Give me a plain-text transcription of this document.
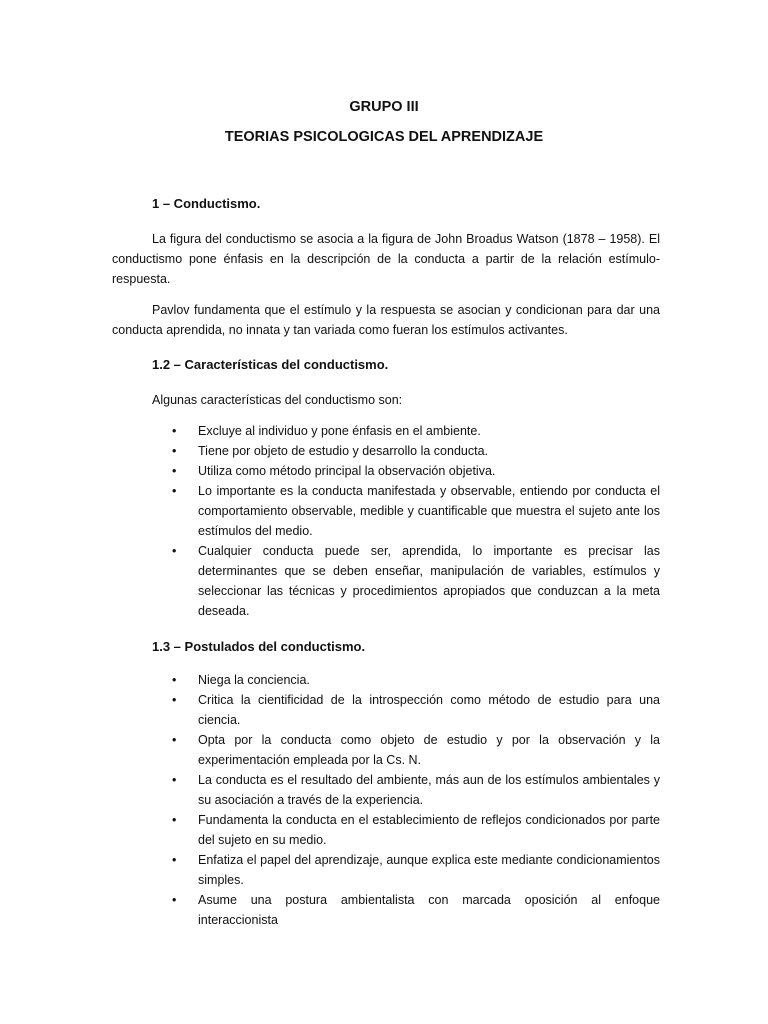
GRUPO III

TEORIAS PSICOLOGICAS DEL APRENDIZAJE

1 – Conductismo.

La figura del conductismo se asocia a la figura de John Broadus Watson (1878 – 1958). El conductismo pone énfasis en la descripción de la conducta a partir de la relación estímulo-respuesta.

Pavlov fundamenta que el estímulo y la respuesta se asocian y condicionan para dar una conducta aprendida, no innata y tan variada como fueran los estímulos activantes.

1.2 – Características del conductismo.

Algunas características del conductismo son:

• Excluye al individuo y pone énfasis en el ambiente.
• Tiene por objeto de estudio y desarrollo la conducta.
• Utiliza como método principal la observación objetiva.
• Lo importante es la conducta manifestada y observable, entiendo por conducta el comportamiento observable, medible y cuantificable que muestra el sujeto ante los estímulos del medio.
• Cualquier conducta puede ser, aprendida, lo importante es precisar las determinantes que se deben enseñar, manipulación de variables, estímulos y seleccionar las técnicas y procedimientos apropiados que conduzcan a la meta deseada.

1.3 – Postulados del conductismo.

• Niega la conciencia.
• Critica la cientificidad de la introspección como método de estudio para una ciencia.
• Opta por la conducta como objeto de estudio y por la observación y la experimentación empleada por la Cs. N.
• La conducta es el resultado del ambiente, más aun de los estímulos ambientales y su asociación a través de la experiencia.
• Fundamenta la conducta en el establecimiento de reflejos condicionados por parte del sujeto en su medio.
• Enfatiza el papel del aprendizaje, aunque explica este mediante condicionamientos simples.
• Asume una postura ambientalista con marcada oposición al enfoque interaccionista
